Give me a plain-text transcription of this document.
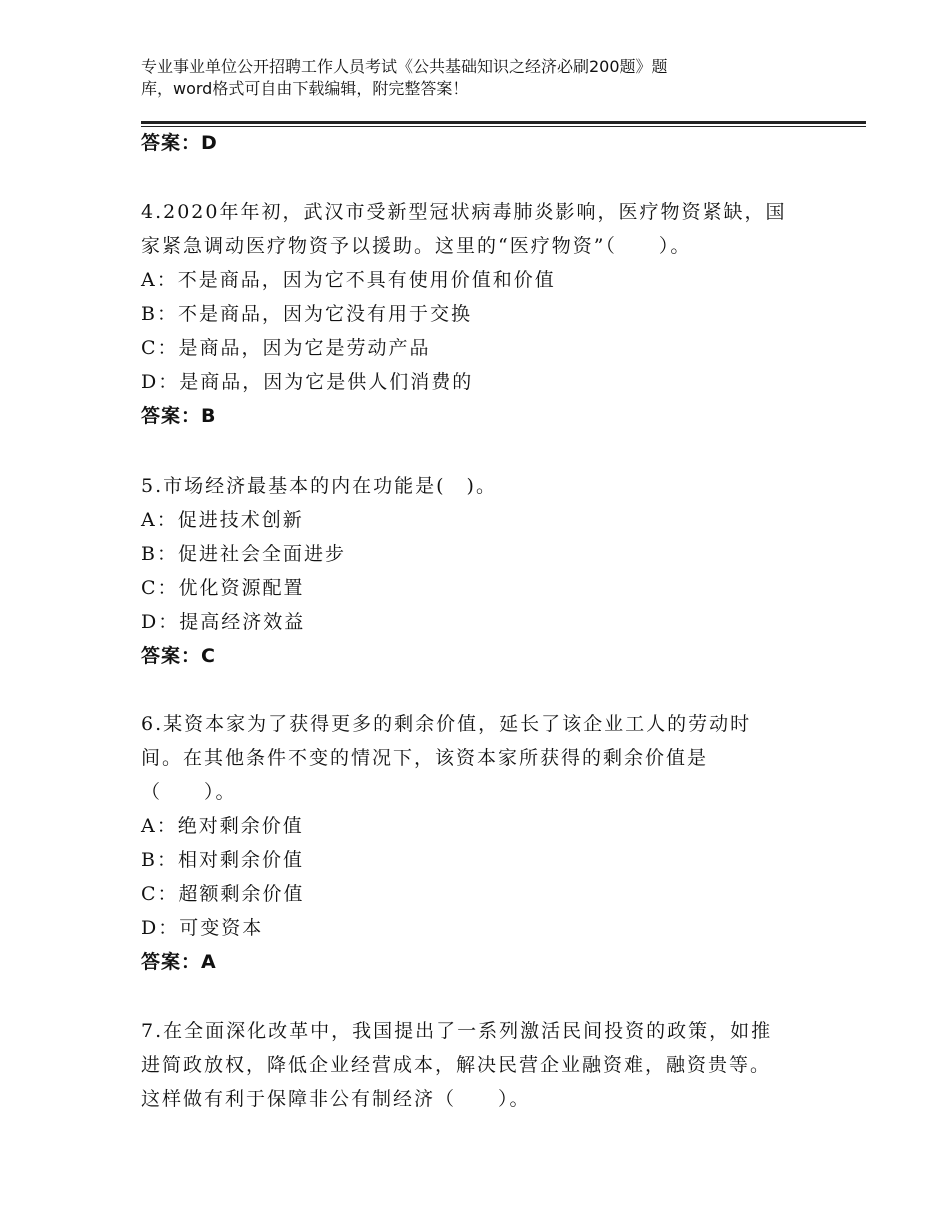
专业事业单位公开招聘工作人员考试《公共基础知识之经济必刷200题》题
库，word格式可自由下载编辑，附完整答案！
答案：D
4.2020年年初，武汉市受新型冠状病毒肺炎影响，医疗物资紧缺，国
家紧急调动医疗物资予以援助。这里的“医疗物资”（　　）。
A：不是商品，因为它不具有使用价值和价值
B：不是商品，因为它没有用于交换
C：是商品，因为它是劳动产品
D：是商品，因为它是供人们消费的
答案：B
5.市场经济最基本的内在功能是(　)。
A：促进技术创新
B：促进社会全面进步
C：优化资源配置
D：提高经济效益
答案：C
6.某资本家为了获得更多的剩余价值，延长了该企业工人的劳动时
间。在其他条件不变的情况下，该资本家所获得的剩余价值是
（　　）。
A：绝对剩余价值
B：相对剩余价值
C：超额剩余价值
D：可变资本
答案：A
7.在全面深化改革中，我国提出了一系列激活民间投资的政策，如推
进简政放权，降低企业经营成本，解决民营企业融资难，融资贵等。
这样做有利于保障非公有制经济（　　）。
